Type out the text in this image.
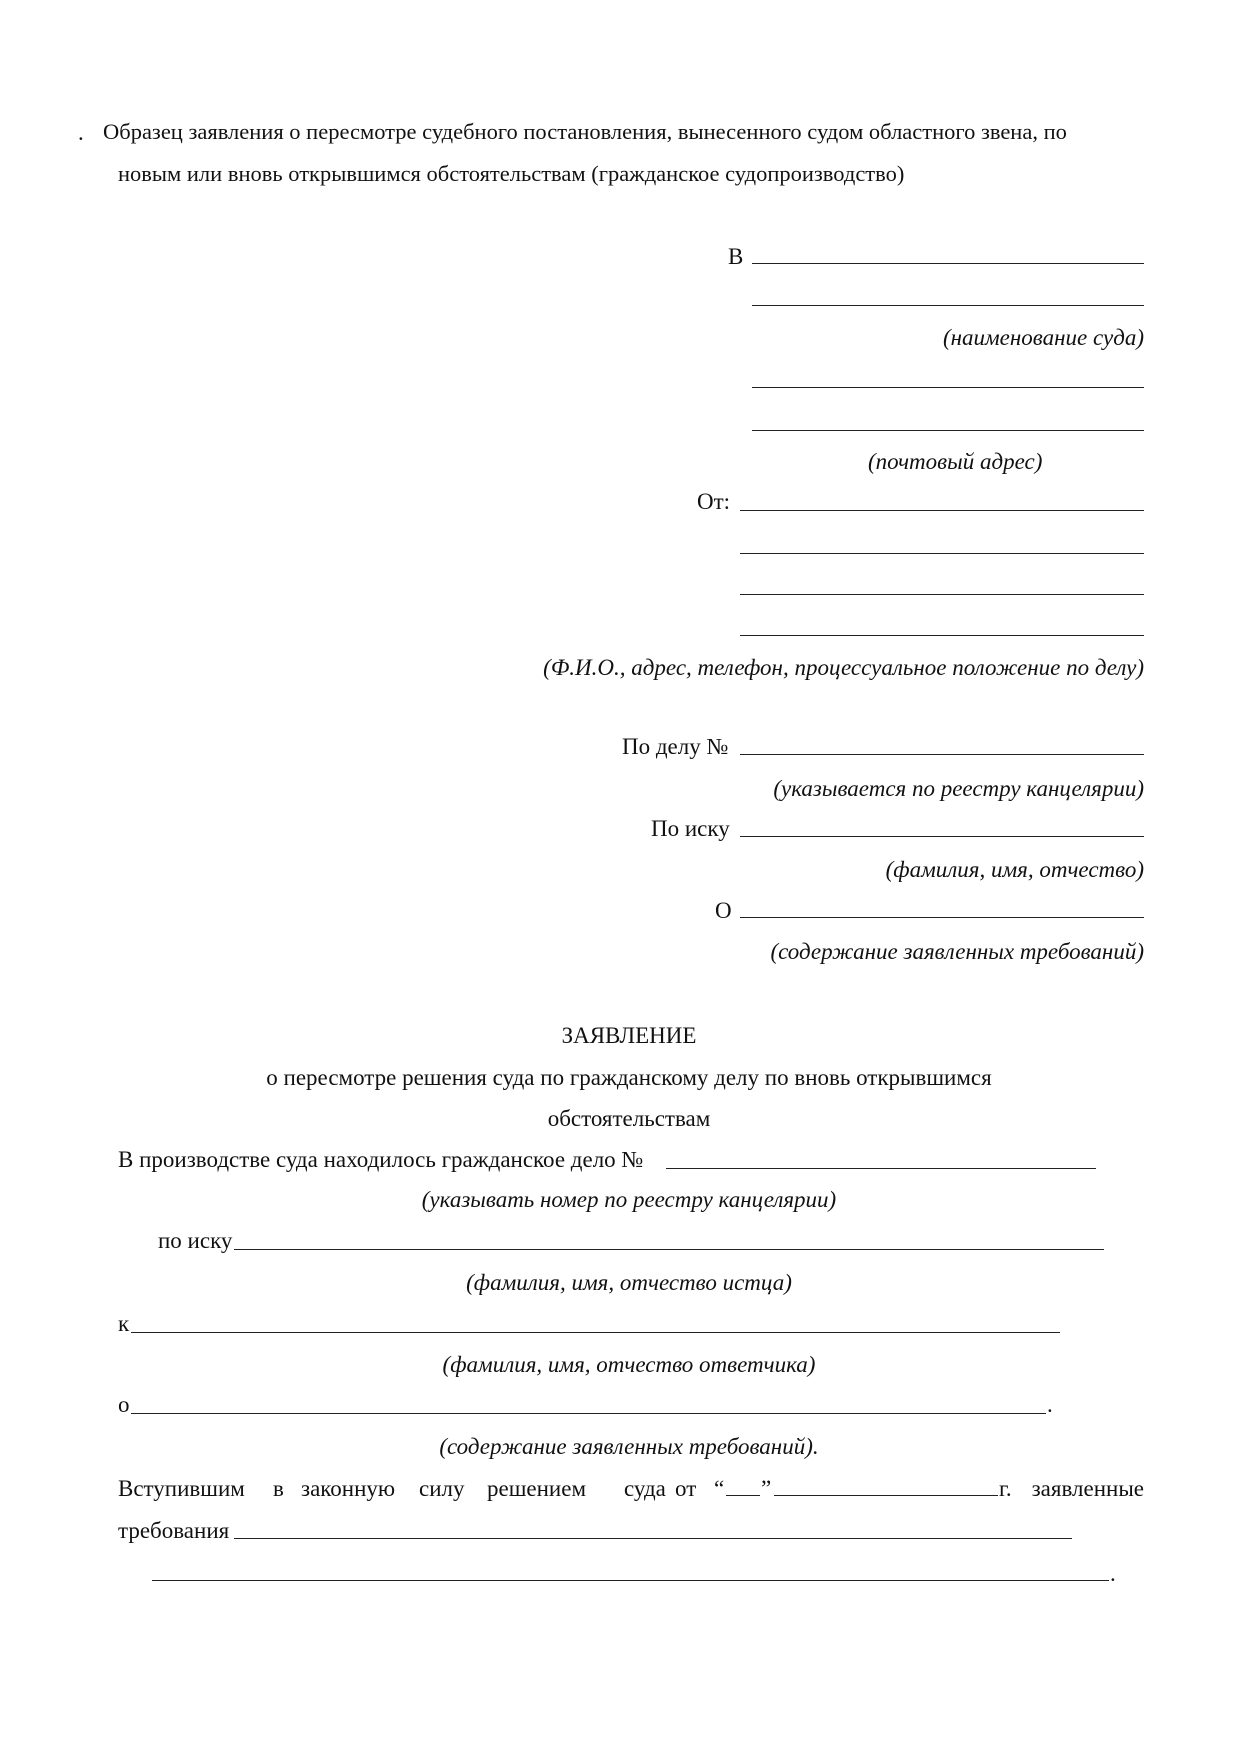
. Образец заявления о пересмотре судебного постановления, вынесенного судом областного звена, по
новым или вновь открывшимся обстоятельствам (гражданское судопроизводство)
В
(наименование суда)
(почтовый адрес)
От:
(Ф.И.О., адрес, телефон, процессуальное положение по делу)
По делу №
(указывается по реестру канцелярии)
По иску
(фамилия, имя, отчество)
О
(содержание заявленных требований)
ЗАЯВЛЕНИЕ
о пересмотре решения суда по гражданскому делу по вновь открывшимся
обстоятельствам
В производстве суда находилось гражданское дело №
(указывать номер по реестру канцелярии)
по иску
(фамилия, имя, отчество истца)
к
(фамилия, имя, отчество ответчика)
о	.
(содержание заявленных требований).
Вступившим в законную силу решением суда от “ ”	г. заявленные
требования
.
